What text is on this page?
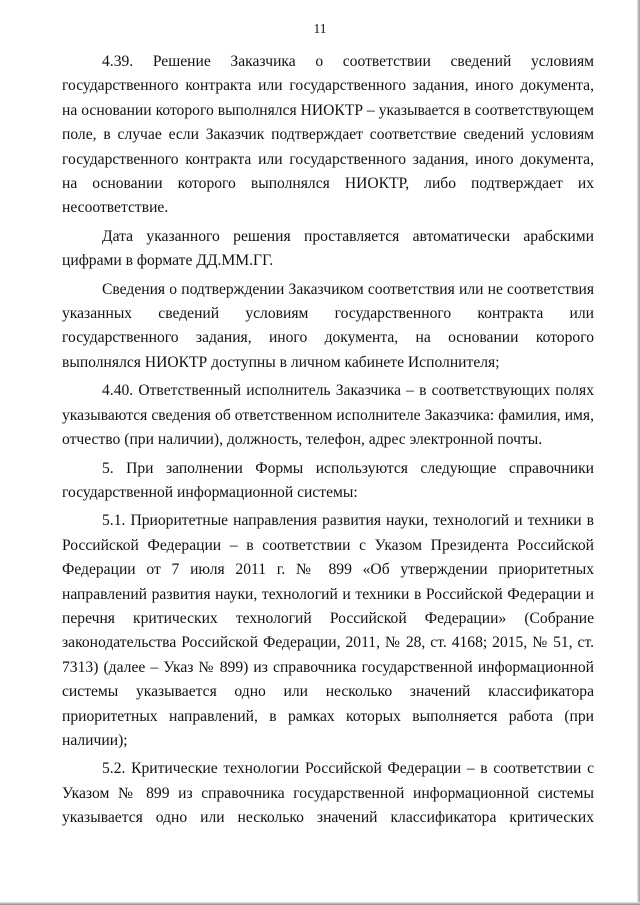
11

4.39. Решение Заказчика о соответствии сведений условиям государственного контракта или государственного задания, иного документа, на основании которого выполнялся НИОКТР – указывается в соответствующем поле, в случае если Заказчик подтверждает соответствие сведений условиям государственного контракта или государственного задания, иного документа, на основании которого выполнялся НИОКТР, либо подтверждает их несоответствие.

Дата указанного решения проставляется автоматически арабскими цифрами в формате ДД.ММ.ГГ.

Сведения о подтверждении Заказчиком соответствия или не соответствия указанных сведений условиям государственного контракта или государственного задания, иного документа, на основании которого выполнялся НИОКТР доступны в личном кабинете Исполнителя;

4.40. Ответственный исполнитель Заказчика – в соответствующих полях указываются сведения об ответственном исполнителе Заказчика: фамилия, имя, отчество (при наличии), должность, телефон, адрес электронной почты.

5. При заполнении Формы используются следующие справочники государственной информационной системы:

5.1. Приоритетные направления развития науки, технологий и техники в Российской Федерации – в соответствии с Указом Президента Российской Федерации от 7 июля 2011 г. № 899 «Об утверждении приоритетных направлений развития науки, технологий и техники в Российской Федерации и перечня критических технологий Российской Федерации» (Собрание законодательства Российской Федерации, 2011, № 28, ст. 4168; 2015, № 51, ст. 7313) (далее – Указ № 899) из справочника государственной информационной системы указывается одно или несколько значений классификатора приоритетных направлений, в рамках которых выполняется работа (при наличии);

5.2. Критические технологии Российской Федерации – в соответствии с Указом № 899 из справочника государственной информационной системы указывается одно или несколько значений классификатора критических
